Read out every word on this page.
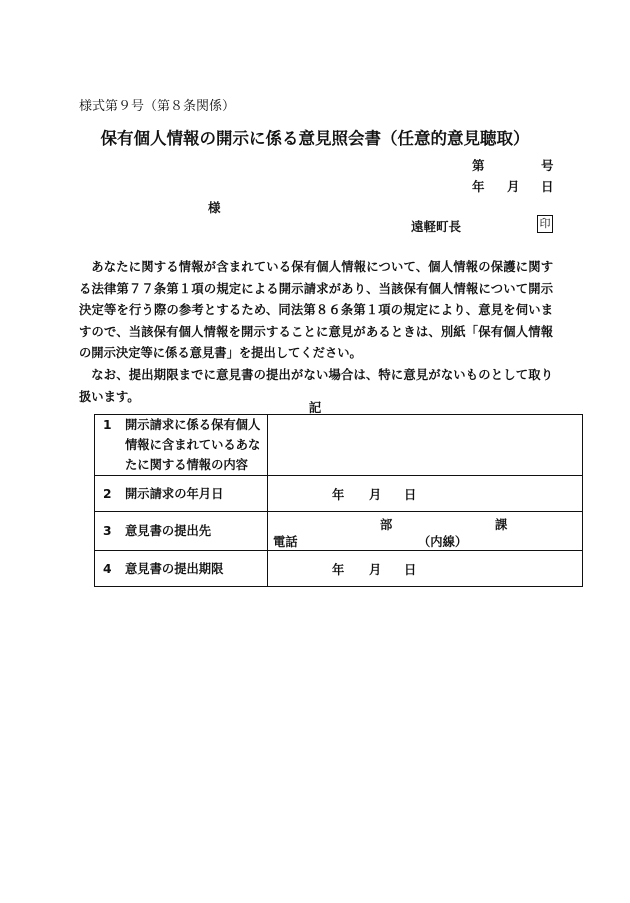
様式第９号（第８条関係）
保有個人情報の開示に係る意見照会書（任意的意見聴取）
第	号
年 月 日
様
遠軽町長	印

あなたに関する情報が含まれている保有個人情報について、個人情報の保護に関する法律第７７条第１項の規定による開示請求があり、当該保有個人情報について開示決定等を行う際の参考とするため、同法第８６条第１項の規定により、意見を伺いますので、当該保有個人情報を開示することに意見があるときは、別紙「保有個人情報の開示決定等に係る意見書」を提出してください。

なお、提出期限までに意見書の提出がない場合は、特に意見がないものとして取り扱います。

記
1 開示請求に係る保有個人情報に含まれているあなたに関する情報の内容	

2 開示請求の年月日	年 月 日

3 意見書の提出先	部 課
電話 （内線）

4 意見書の提出期限	年 月 日
